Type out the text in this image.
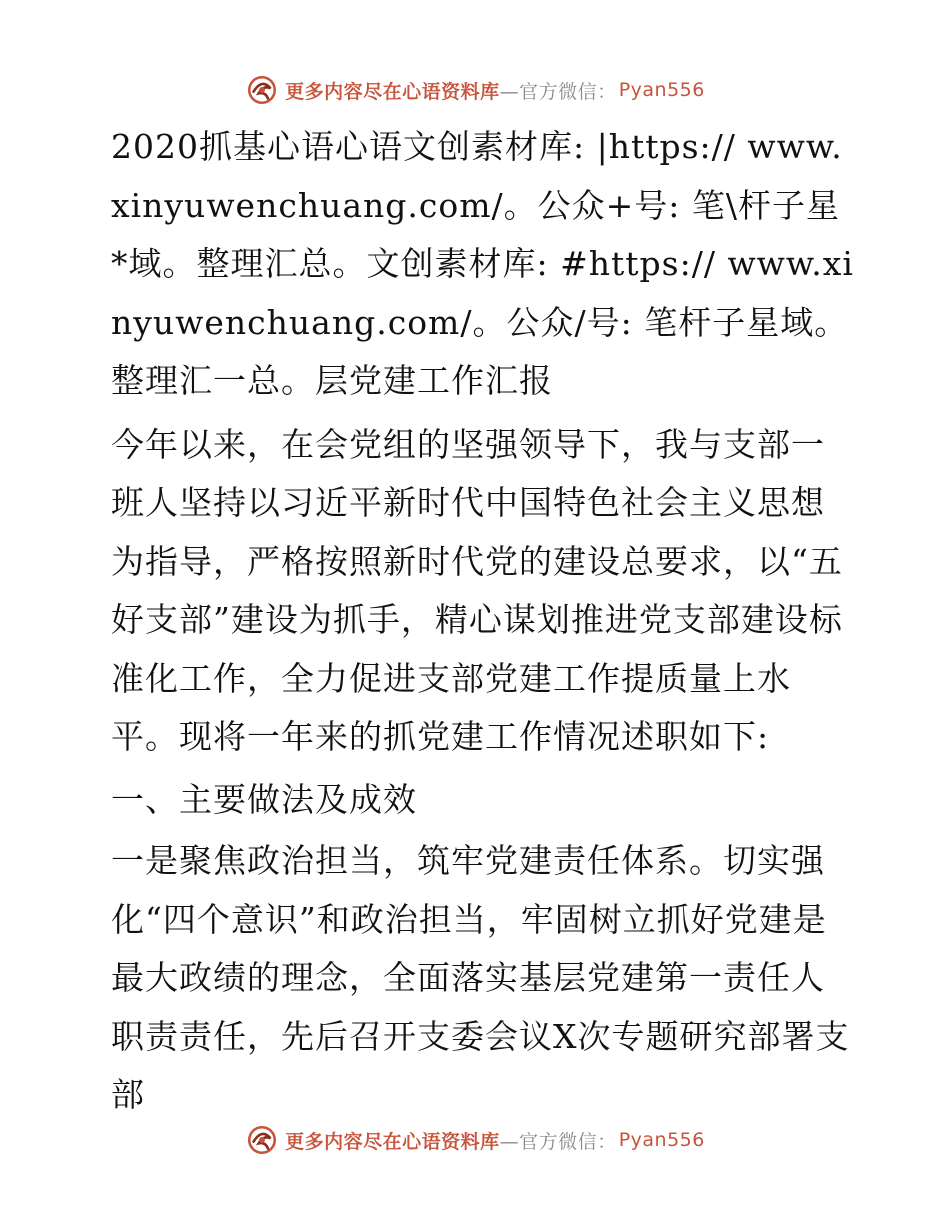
更多内容尽在心语资料库 —官方微信： Pyan556

2020抓基心语心语文创素材库: |https:// www.xinyuwenchuang.com/。公众+号: 笔\杆子星*域。整理汇总。文创素材库: #https:// www.xinyuwenchuang.com/。公众/号: 笔杆子星域。整理汇一总。层党建工作汇报

今年以来，在会党组的坚强领导下，我与支部一班人坚持以习近平新时代中国特色社会主义思想为指导，严格按照新时代党的建设总要求，以“五好支部”建设为抓手，精心谋划推进党支部建设标准化工作，全力促进支部党建工作提质量上水平。现将一年来的抓党建工作情况述职如下:

一、主要做法及成效

一是聚焦政治担当，筑牢党建责任体系。切实强化“四个意识”和政治担当，牢固树立抓好党建是最大政绩的理念，全面落实基层党建第一责任人职责责任，先后召开支委会议X次专题研究部署支部

更多内容尽在心语资料库 —官方微信： Pyan556
